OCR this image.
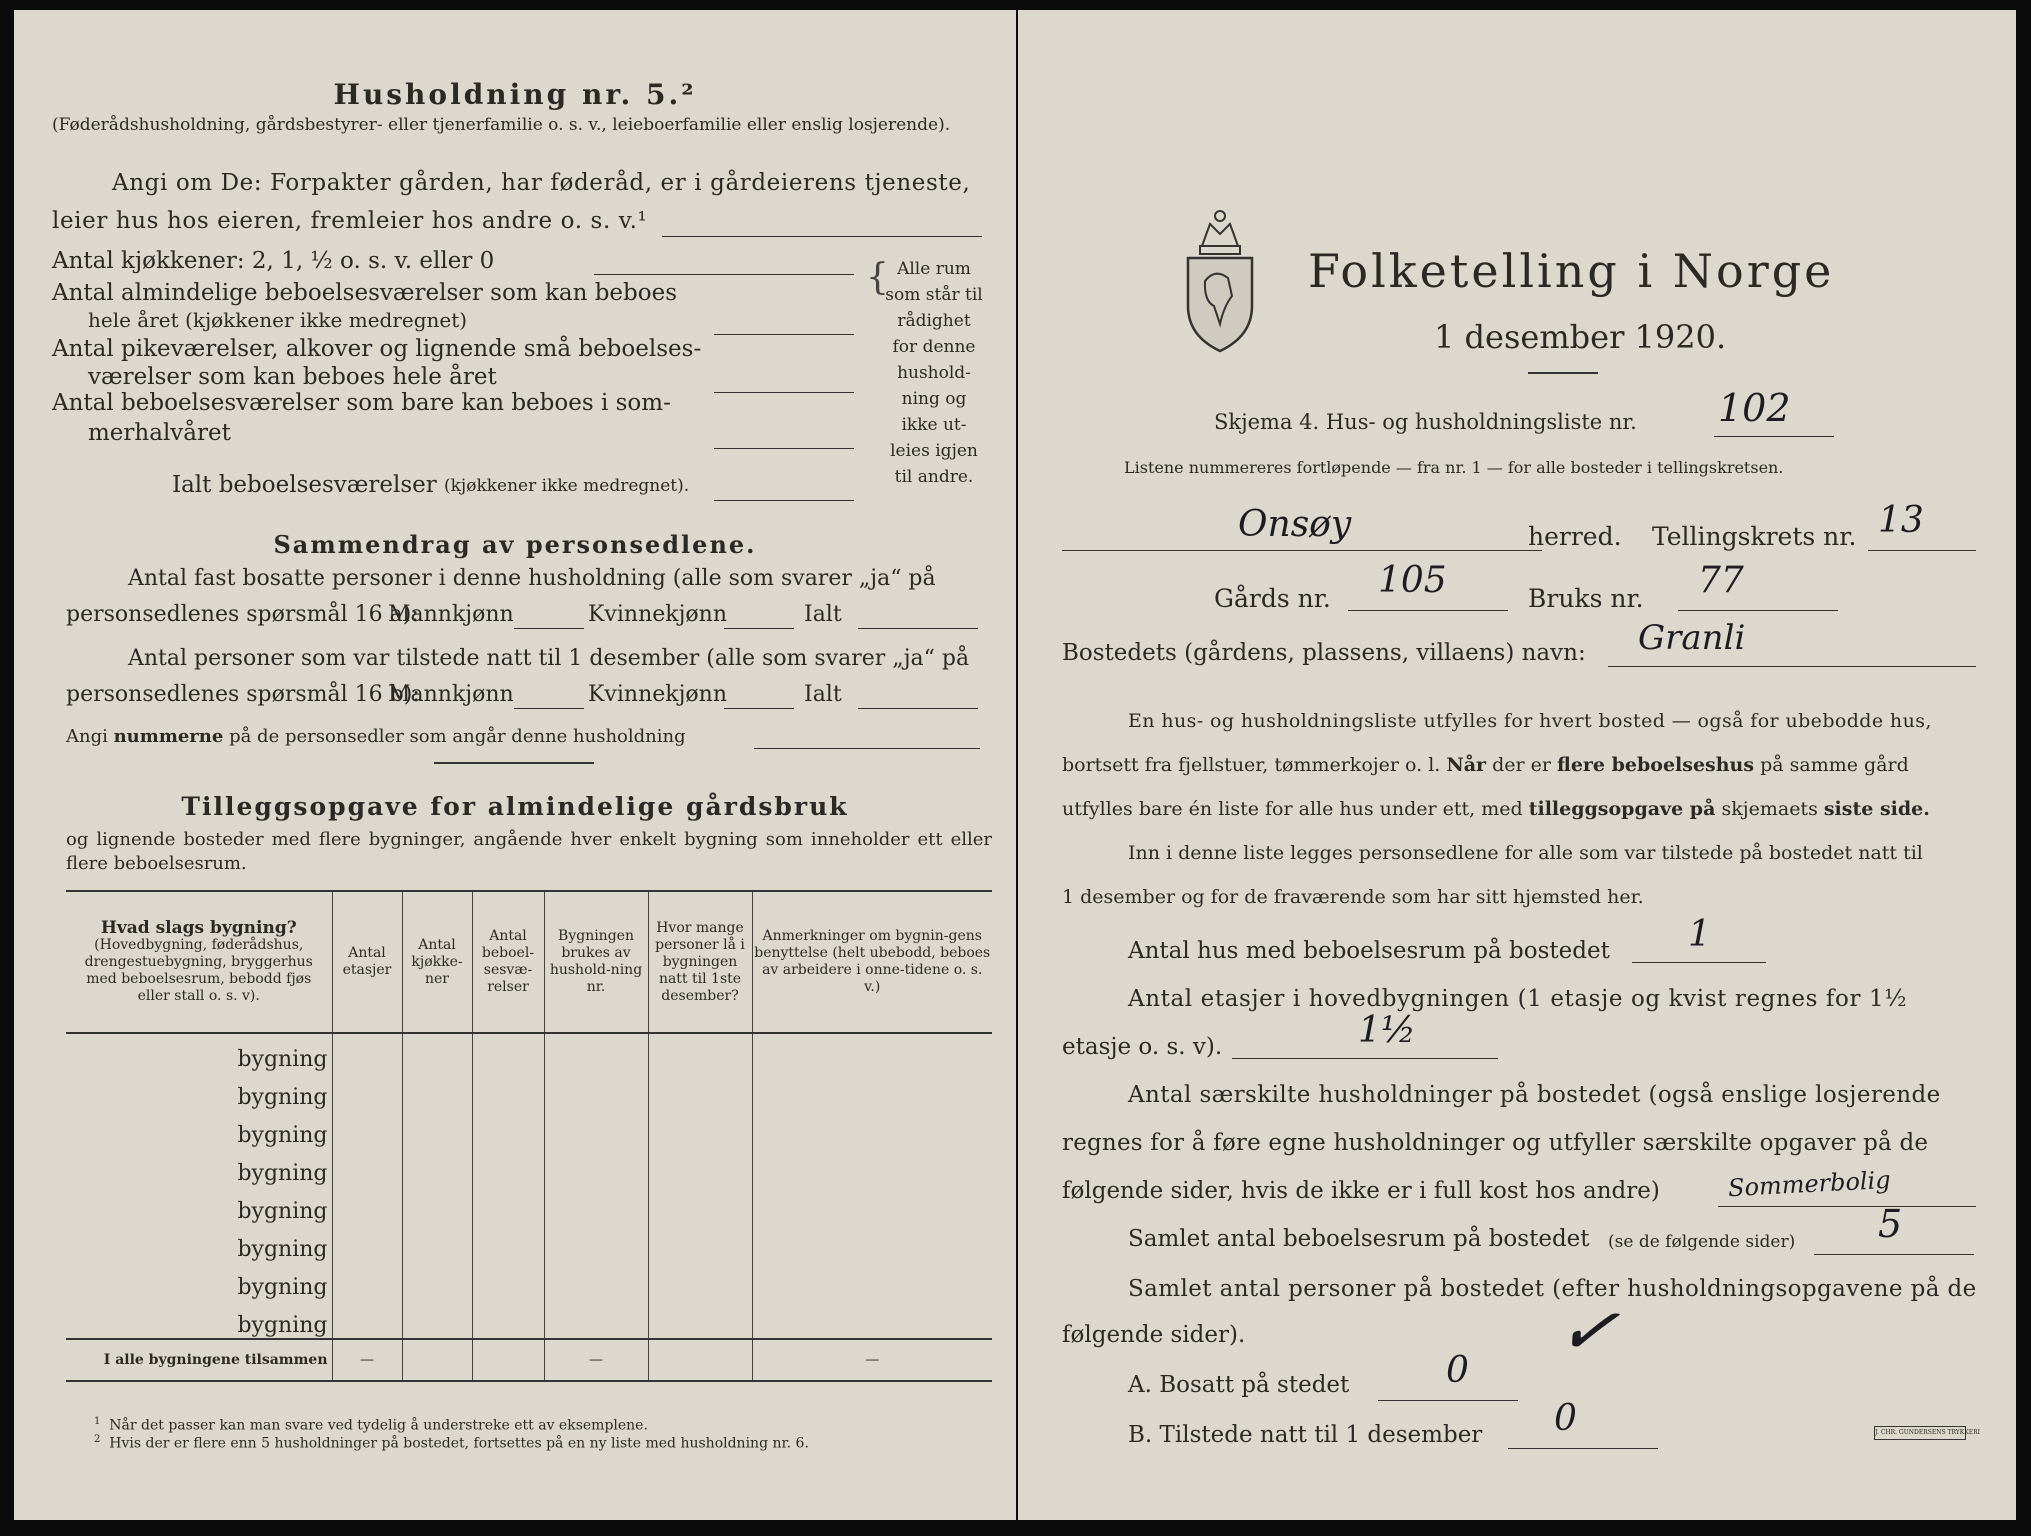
Husholdning nr. 5.²
(Føderådshusholdning, gårdsbestyrer- eller tjenerfamilie o. s. v., leieboerfamilie eller enslig losjerende).
Angi om De: Forpakter gården, har føderåd, er i gårdeierens tjeneste,
leier hus hos eieren, fremleier hos andre o. s. v.¹
Antal kjøkkener: 2, 1, ½ o. s. v. eller 0
Antal almindelige beboelsesværelser som kan beboes
hele året (kjøkkener ikke medregnet)
Antal pikeværelser, alkover og lignende små beboelses-
værelser som kan beboes hele året
Antal beboelsesværelser som bare kan beboes i som-
merhalvåret
Ialt beboelsesværelser (kjøkkener ikke medregnet).
{ Alle rum
som står til
rådighet
for denne
hushold-
ning og
ikke ut-
leies igjen
til andre.
Sammendrag av personsedlene.
Antal fast bosatte personer i denne husholdning (alle som svarer „ja“ på
personsedlenes spørsmål 16 a):
Mannkjønn	Kvinnekjønn	Ialt
Antal personer som var tilstede natt til 1 desember (alle som svarer „ja“ på
personsedlenes spørsmål 16 b):
Mannkjønn	Kvinnekjønn	Ialt
Angi nummerne på de personsedler som angår denne husholdning
Tilleggsopgave for almindelige gårdsbruk
og lignende bosteder med flere bygninger, angående hver enkelt bygning som inneholder ett eller flere beboelsesrum.
Hvad slags bygning?
(Hovedbygning, føderådshus, drengestuebygning, bryggerhus med beboelsesrum, bebodd fjøs eller stall o. s. v).	Antal etasjer	Antal kjøkke-ner	Antal beboel-sesvæ-relser	Bygningen brukes av hushold-ning nr.	Hvor mange personer lå i bygningen natt til 1ste desember?	Anmerkninger om bygnin-gens benyttelse (helt ubebodd, beboes av arbeidere i onne-tidene o. s. v.)
bygning						
bygning						
bygning						
bygning						
bygning						
bygning						
bygning						
bygning						
I alle bygningene tilsammen	—			—		—
$^1$ Når det passer kan man svare ved tydelig å understreke ett av eksemplene.
$^2$ Hvis der er flere enn 5 husholdninger på bostedet, fortsettes på en ny liste med husholdning nr. 6.
Folketelling i Norge
1 desember 1920.
Skjema 4. Hus- og husholdningsliste nr. 102
Listene nummereres fortløpende — fra nr. 1 — for alle bosteder i tellingskretsen.
Onsøy	herred. Tellingskrets nr. 13
Gårds nr. 105	Bruks nr. 77
Bostedets (gårdens, plassens, villaens) navn: Granli
En hus- og husholdningsliste utfylles for hvert bosted — også for ubebodde hus,
bortsett fra fjellstuer, tømmerkojer o. l. Når der er flere beboelseshus på samme gård
utfylles bare én liste for alle hus under ett, med tilleggsopgave på skjemaets siste side.
Inn i denne liste legges personsedlene for alle som var tilstede på bostedet natt til
1 desember og for de fraværende som har sitt hjemsted her.
Antal hus med beboelsesrum på bostedet 1
Antal etasjer i hovedbygningen (1 etasje og kvist regnes for 1½
etasje o. s. v).	1½
Antal særskilte husholdninger på bostedet (også enslige losjerende
regnes for å føre egne husholdninger og utfyller særskilte opgaver på de
følgende sider, hvis de ikke er i full kost hos andre)	Sommerbolig
Samlet antal beboelsesrum på bostedet (se de følgende sider) 5
Samlet antal personer på bostedet (efter husholdningsopgavene på de
følgende sider).	✓
A. Bosatt på stedet	0
B. Tilstede natt til 1 desember 0	J. CHR. GUNDERSENS TRYKKERI
